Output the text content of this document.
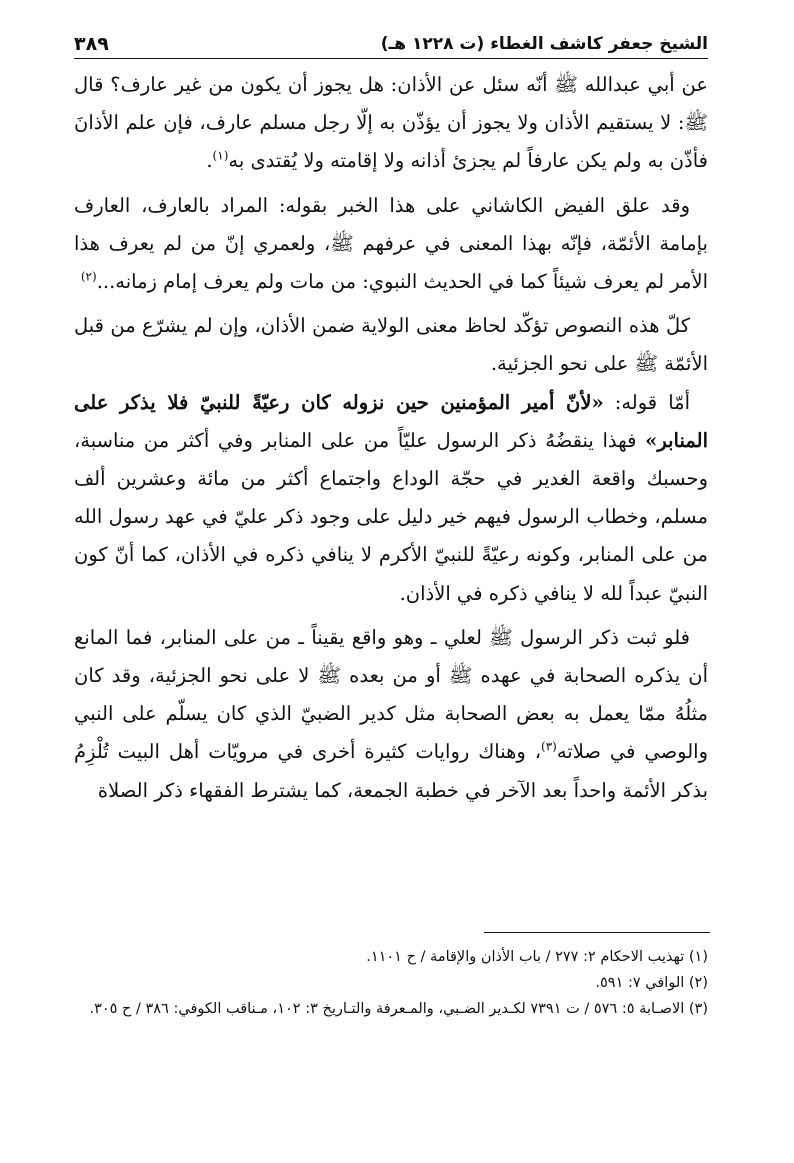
الشيخ جعفر كاشف الغطاء (ت ١٢٢٨ هـ)
٣٨٩

عن أبي عبدالله ﷺ أنّه سئل عن الأذان: هل يجوز أن يكون من غير عارف؟ قال ﷺ: لا يستقيم الأذان ولا يجوز أن يؤذّن به إلّا رجل مسلم عارف، فإن علم الأذانَ فأذّن به ولم يكن عارفاً لم يجزئ أذانه ولا إقامته ولا يُقتدى به$^{(١)}$.

وقد علق الفيض الكاشاني على هذا الخبر بقوله: المراد بالعارف، العارف بإمامة الأئمّة، فإنّه بهذا المعنى في عرفهم ﷺ، ولعمري إنّ من لم يعرف هذا الأمر لم يعرف شيئاً كما في الحديث النبوي: من مات ولم يعرف إمام زمانه...$^{(٢)}$

كلّ هذه النصوص تؤكّد لحاظ معنى الولاية ضمن الأذان، وإن لم يشرّع من قبل الأئمّة ﷺ على نحو الجزئية.

أمّا قوله: «لأنّ أمير المؤمنين حين نزوله كان رعيّةً للنبيّ فلا يذكر على المنابر» فهذا ينقضُهُ ذكر الرسول عليّاً من على المنابر وفي أكثر من مناسبة، وحسبك واقعة الغدير في حجّة الوداع واجتماع أكثر من مائة وعشرين ألف مسلم، وخطاب الرسول فيهم خير دليل على وجود ذكر عليّ في عهد رسول الله من على المنابر، وكونه رعيّةً للنبيّ الأكرم لا ينافي ذكره في الأذان، كما أنّ كون النبيّ عبداً لله لا ينافي ذكره في الأذان.

فلو ثبت ذكر الرسول ﷺ لعلي ـ وهو واقع يقيناً ـ من على المنابر، فما المانع أن يذكره الصحابة في عهده ﷺ أو من بعده ﷺ لا على نحو الجزئية، وقد كان مثلُهُ ممّا يعمل به بعض الصحابة مثل كدير الضبيّ الذي كان يسلّم على النبي والوصي في صلاته$^{(٣)}$، وهناك روايات كثيرة أخرى في مرويّات أهل البيت تُلْزِمُ بذكر الأئمة واحداً بعد الآخر في خطبة الجمعة، كما يشترط الفقهاء ذكر الصلاة

(١) تهذيب الاحكام ٢: ٢٧٧ / باب الأذان والإقامة / ح ١١٠١.

(٢) الوافي ٧: ٥٩١.

(٣) الاصـابة ٥: ٥٧٦ / ت ٧٣٩١ لكـدير الضـبي، والمـعرفة والتـاريخ ٣: ١٠٢، مـناقب الكوفي: ٣٨٦ / ح ٣٠٥.
